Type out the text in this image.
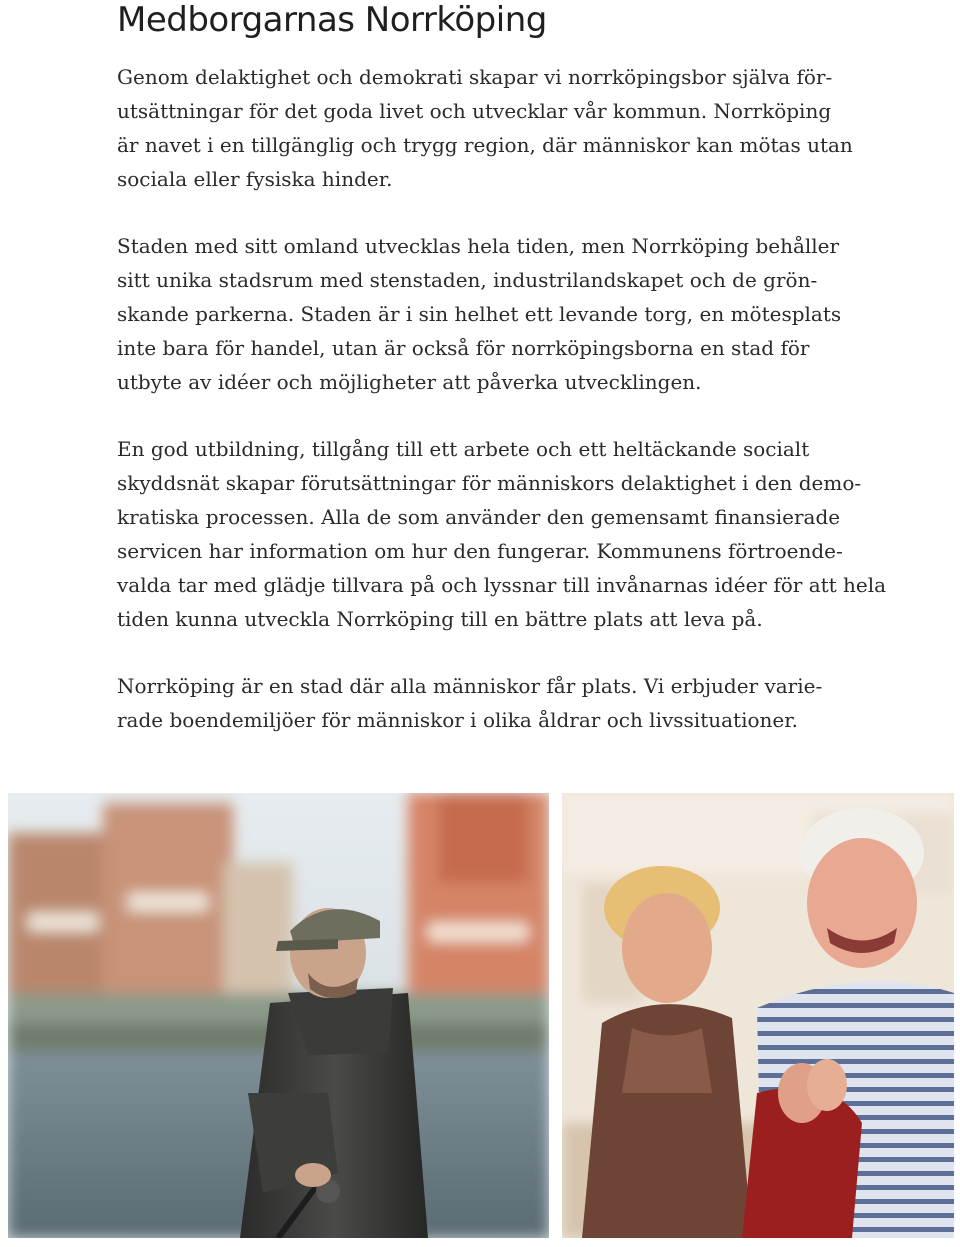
Medborgarnas Norrköping
Genom delaktighet och demokrati skapar vi norrköpingsbor själva för-
utsättningar för det goda livet och utvecklar vår kommun. Norrköping
är navet i en tillgänglig och trygg region, där människor kan mötas utan
sociala eller fysiska hinder.
Staden med sitt omland utvecklas hela tiden, men Norrköping behåller
sitt unika stadsrum med stenstaden, industrilandskapet och de grön-
skande parkerna. Staden är i sin helhet ett levande torg, en mötesplats
inte bara för handel, utan är också för norrköpingsborna en stad för
utbyte av idéer och möjligheter att påverka utvecklingen.
En god utbildning, tillgång till ett arbete och ett heltäckande socialt
skyddsnät skapar förutsättningar för människors delaktighet i den demo-
kratiska processen. Alla de som använder den gemensamt finansierade
servicen har information om hur den fungerar. Kommunens förtroende-
valda tar med glädje tillvara på och lyssnar till invånarnas idéer för att hela
tiden kunna utveckla Norrköping till en bättre plats att leva på.
Norrköping är en stad där alla människor får plats. Vi erbjuder varie-
rade boendemiljöer för människor i olika åldrar och livssituationer.
